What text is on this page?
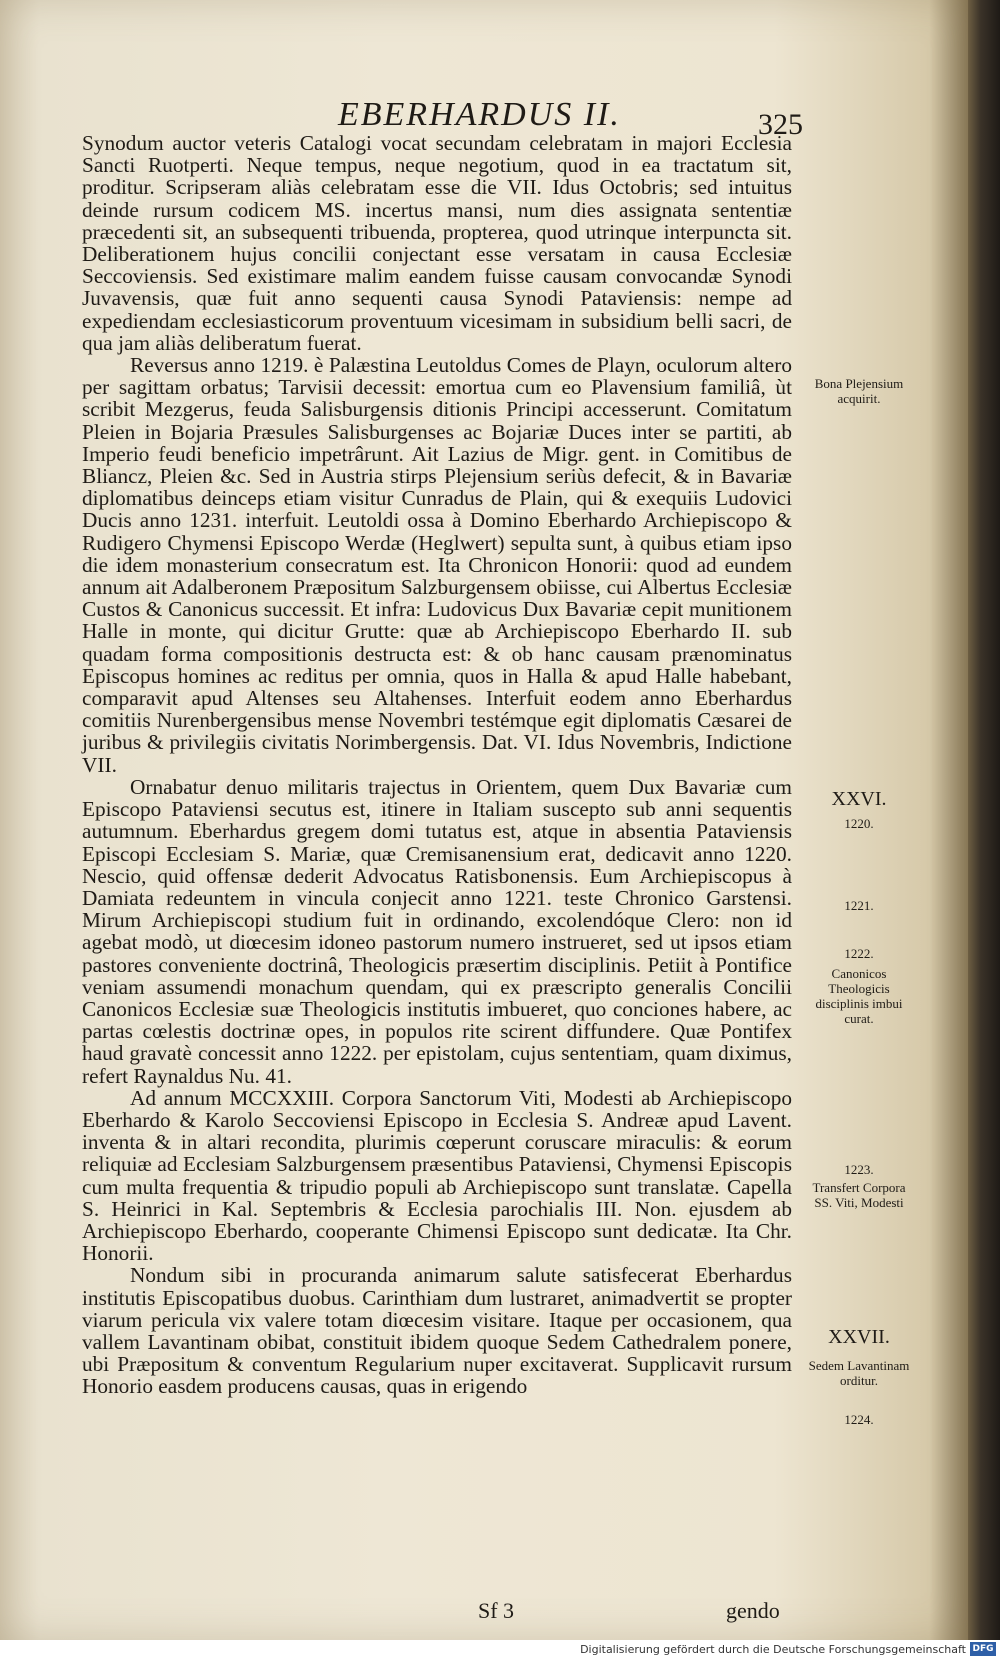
EBERHARDUS II.	325

Synodum auctor veteris Catalogi vocat secundam celebratam in majori Ecclesia Sancti Ruotperti. Neque tempus, neque negotium, quod in ea tractatum sit, proditur. Scripseram aliàs celebratam esse die VII. Idus Octobris; sed intuitus deinde rursum codicem MS. incertus mansi, num dies assignata sententiæ præcedenti sit, an subsequenti tribuenda, propterea, quod utrinque interpuncta sit. Deliberationem hujus concilii conjectant esse versatam in causa Ecclesiæ Seccoviensis. Sed existimare malim eandem fuisse causam convocandæ Synodi Juvavensis, quæ fuit anno sequenti causa Synodi Pataviensis: nempe ad expediendam ecclesiasticorum proventuum vicesimam in subsidium belli sacri, de qua jam aliàs deliberatum fuerat.

Reversus anno 1219. è Palæstina Leutoldus Comes de Playn, oculorum altero per sagittam orbatus; Tarvisii decessit: emortua cum eo Plavensium familiâ, ùt scribit Mezgerus, feuda Salisburgensis ditionis Principi accesserunt. Comitatum Pleien in Bojaria Præsules Salisburgenses ac Bojariæ Duces inter se partiti, ab Imperio feudi beneficio impetrârunt. Ait Lazius de Migr. gent. in Comitibus de Bliancz, Pleien &c. Sed in Austria stirps Plejensium seriùs defecit, & in Bavariæ diplomatibus deinceps etiam visitur Cunradus de Plain, qui & exequiis Ludovici Ducis anno 1231. interfuit. Leutoldi ossa à Domino Eberhardo Archiepiscopo & Rudigero Chymensi Episcopo Werdæ (Heglwert) sepulta sunt, à quibus etiam ipso die idem monasterium consecratum est. Ita Chronicon Honorii: quod ad eundem annum ait Adalberonem Præpositum Salzburgensem obiisse, cui Albertus Ecclesiæ Custos & Canonicus successit. Et infra: Ludovicus Dux Bavariæ cepit munitionem Halle in monte, qui dicitur Grutte: quæ ab Archiepiscopo Eberhardo II. sub quadam forma compositionis destructa est: & ob hanc causam prænominatus Episcopus homines ac reditus per omnia, quos in Halla & apud Halle habebant, comparavit apud Altenses seu Altahenses. Interfuit eodem anno Eberhardus comitiis Nurenbergensibus mense Novembri testémque egit diplomatis Cæsarei de juribus & privilegiis civitatis Norimbergensis. Dat. VI. Idus Novembris, Indictione VII.

Ornabatur denuo militaris trajectus in Orientem, quem Dux Bavariæ cum Episcopo Pataviensi secutus est, itinere in Italiam suscepto sub anni sequentis autumnum. Eberhardus gregem domi tutatus est, atque in absentia Pataviensis Episcopi Ecclesiam S. Mariæ, quæ Cremisanensium erat, dedicavit anno 1220. Nescio, quid offensæ dederit Advocatus Ratisbonensis. Eum Archiepiscopus à Damiata redeuntem in vincula conjecit anno 1221. teste Chronico Garstensi. Mirum Archiepiscopi studium fuit in ordinando, excolendóque Clero: non id agebat modò, ut diœcesim idoneo pastorum numero instrueret, sed ut ipsos etiam pastores conveniente doctrinâ, Theologicis præsertim disciplinis. Petiit à Pontifice veniam assumendi monachum quendam, qui ex præscripto generalis Concilii Canonicos Ecclesiæ suæ Theologicis institutis imbueret, quo conciones habere, ac partas cœlestis doctrinæ opes, in populos rite scirent diffundere. Quæ Pontifex haud gravatè concessit anno 1222. per epistolam, cujus sententiam, quam diximus, refert Raynaldus Nu. 41.

Ad annum MCCXXIII. Corpora Sanctorum Viti, Modesti ab Archiepiscopo Eberhardo & Karolo Seccoviensi Episcopo in Ecclesia S. Andreæ apud Lavent. inventa & in altari recondita, plurimis cœperunt coruscare miraculis: & eorum reliquiæ ad Ecclesiam Salzburgensem præsentibus Pataviensi, Chymensi Episcopis cum multa frequentia & tripudio populi ab Archiepiscopo sunt translatæ. Capella S. Heinrici in Kal. Septembris & Ecclesia parochialis III. Non. ejusdem ab Archiepiscopo Eberhardo, cooperante Chimensi Episcopo sunt dedicatæ. Ita Chr. Honorii.

Nondum sibi in procuranda animarum salute satisfecerat Eberhardus institutis Episcopatibus duobus. Carinthiam dum lustraret, animadvertit se propter viarum pericula vix valere totam diœcesim visitare. Itaque per occasionem, qua vallem Lavantinam obibat, constituit ibidem quoque Sedem Cathedralem ponere, ubi Præpositum & conventum Regularium nuper excitaverat. Supplicavit rursum Honorio easdem producens causas, quas in erigendo

Bona Plejensium acquirit.
XXVI.
1220.
1221.
1222.
Canonicos Theologicis disciplinis imbui curat.
1223.
Transfert Corpora SS. Viti, Modesti
XXVII.
Sedem Lavantinam orditur.
1224.
Sf 3	gendo
Digitalisierung gefördert durch die Deutsche Forschungsgemeinschaft DFG
